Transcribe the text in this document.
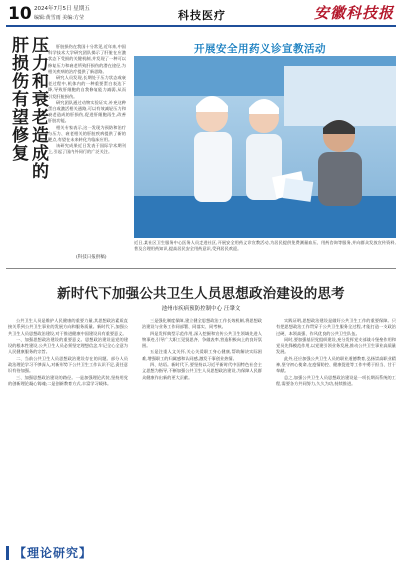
10 2024年7月5日 星期五
编辑:黄雪雨 美编:方莹	科技医疗	安徽科技报
压力和衰老造成的
肝损伤有望修复	肝脏损伤在我国十分常见,近年来,中国科学技术大学研究团队揭示了肝脏在应激状态下受损的关键机制,并发现了一种可以修复压力和衰老所致肝损伤的潜在途径,为相关疾病的治疗提供了新思路。

研究人员发现,长期处于压力状态或衰老过程中,机体内的一种重要蛋白表达下降,导致肝细胞的自我修复能力减弱,从而引发肝脏损伤。

研究团队通过动物实验证实,补充这种蛋白或激活相关通路,可以有效减轻压力和衰老造成的肝损伤,促进肝细胞再生,改善肝脏功能。

相关专家表示,这一发现为预防和治疗与压力、衰老相关的肝脏疾病提供了新的靶点,有望在未来转化为临床应用。

该研究成果近日发表于国际学术期刊上,引起了国内外同行的广泛关注。

(科技日报供稿)
开展安全用药义诊宣教活动
近日,某社区卫生服务中心医务人员走进社区,开展安全用药义诊宣教活动,为居民提供免费测量血压、用药咨询等服务,并向群众发放宣传资料,普及合理用药知识,提高居民安全用药意识,受到居民欢迎。
新时代下加强公共卫生人员思想政治建设的思考
池州市疾病预防控制中心 汪肇文

公共卫生人员是维护人民健康的重要力量,其思想政治素质直接关系到公共卫生事业的发展方向和服务质量。新时代下,加强公共卫生人员思想政治建设,对于推进健康中国建设具有重要意义。

一、加强思想政治建设的重要意义。思想政治建设是党的建设的根本性建设,公共卫生人员必须坚定理想信念,牢记全心全意为人民健康服务的宗旨。

二、当前公共卫生人员思想政治建设存在的问题。部分人员政治理论学习不够深入,对新形势下公共卫生工作认识不足,责任意识有待加强。

三、加强思想政治建设的路径。一是加强理论武装,坚持用党的创新理论凝心铸魂;二是创新教育方式,丰富学习载体。

三是强化制度保障,建立健全思想政治工作长效机制,将思想政治建设与业务工作同部署、同落实、同考核。

四是发挥典型示范作用,深入挖掘和宣传公共卫生领域先进人物事迹,引导广大职工见贤思齐、争做表率,营造积极向上的良好氛围。

五是注重人文关怀,关心关爱职工身心健康,帮助解决实际困难,增强职工的归属感和认同感,激发干事创业热情。

四、结语。新时代下,要坚持以习近平新时代中国特色社会主义思想为指导,不断加强公共卫生人员思想政治建设,为保障人民群众健康作出新的更大贡献。

实践证明,思想政治建设是做好公共卫生工作的重要保障。只有把思想政治工作贯穿于公共卫生服务全过程,才能打造一支政治过硬、本领高强、作风优良的公共卫生队伍。

同时,要加强基层党组织建设,充分发挥党支部战斗堡垒作用和党员先锋模范作用,以党建引领业务发展,推动公共卫生事业高质量发展。

此外,还应加强公共卫生人员的职业道德教育,弘扬崇高职业精神,坚守初心使命,在疫情防控、健康促进等工作中勇于担当、甘于奉献。

总之,加强公共卫生人员思想政治建设是一项长期而系统的工程,需要各方共同努力,久久为功,持续推进。

【理论研究】
